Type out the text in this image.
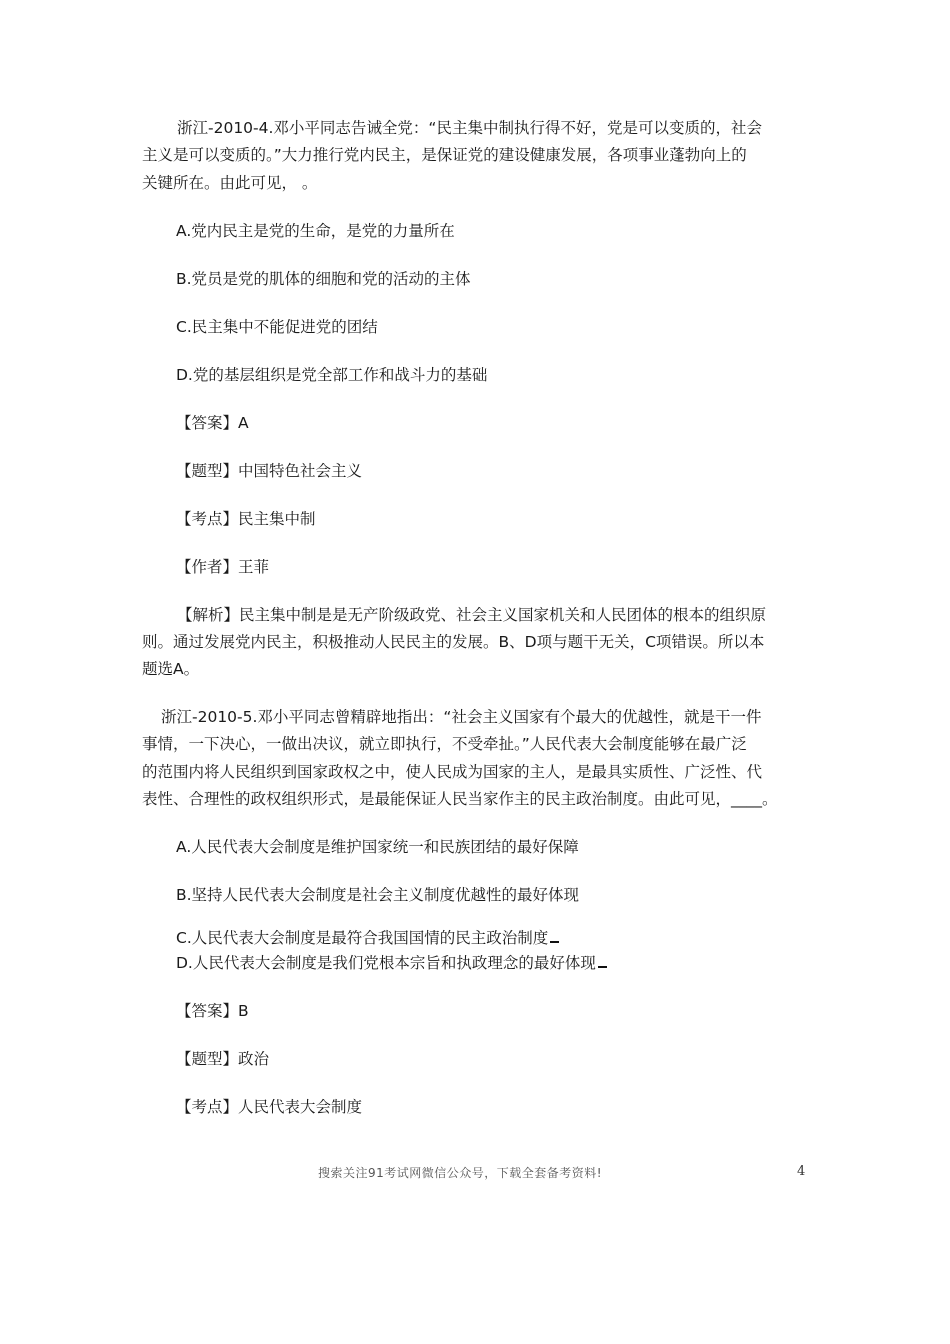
浙江-2010-4.邓小平同志告诫全党：“民主集中制执行得不好，党是可以变质的，社会
主义是可以变质的。”大力推行党内民主，是保证党的建设健康发展，各项事业蓬勃向上的
关键所在。由此可见， 。
A.党内民主是党的生命，是党的力量所在
B.党员是党的肌体的细胞和党的活动的主体
C.民主集中不能促进党的团结
D.党的基层组织是党全部工作和战斗力的基础
【答案】A
【题型】中国特色社会主义
【考点】民主集中制
【作者】王菲
【解析】民主集中制是是无产阶级政党、社会主义国家机关和人民团体的根本的组织原
则。通过发展党内民主，积极推动人民民主的发展。B、D项与题干无关，C项错误。所以本
题选A。
浙江-2010-5.邓小平同志曾精辟地指出：“社会主义国家有个最大的优越性，就是干一件
事情，一下决心，一做出决议，就立即执行，不受牵扯。”人民代表大会制度能够在最广泛
的范围内将人民组织到国家政权之中，使人民成为国家的主人，是最具实质性、广泛性、代
表性、合理性的政权组织形式，是最能保证人民当家作主的民主政治制度。由此可见，____。
A.人民代表大会制度是维护国家统一和民族团结的最好保障
B.坚持人民代表大会制度是社会主义制度优越性的最好体现
C.人民代表大会制度是最符合我国国情的民主政治制度
D.人民代表大会制度是我们党根本宗旨和执政理念的最好体现
【答案】B
【题型】政治
【考点】人民代表大会制度
搜索关注91考试网微信公众号，下载全套备考资料!	4
